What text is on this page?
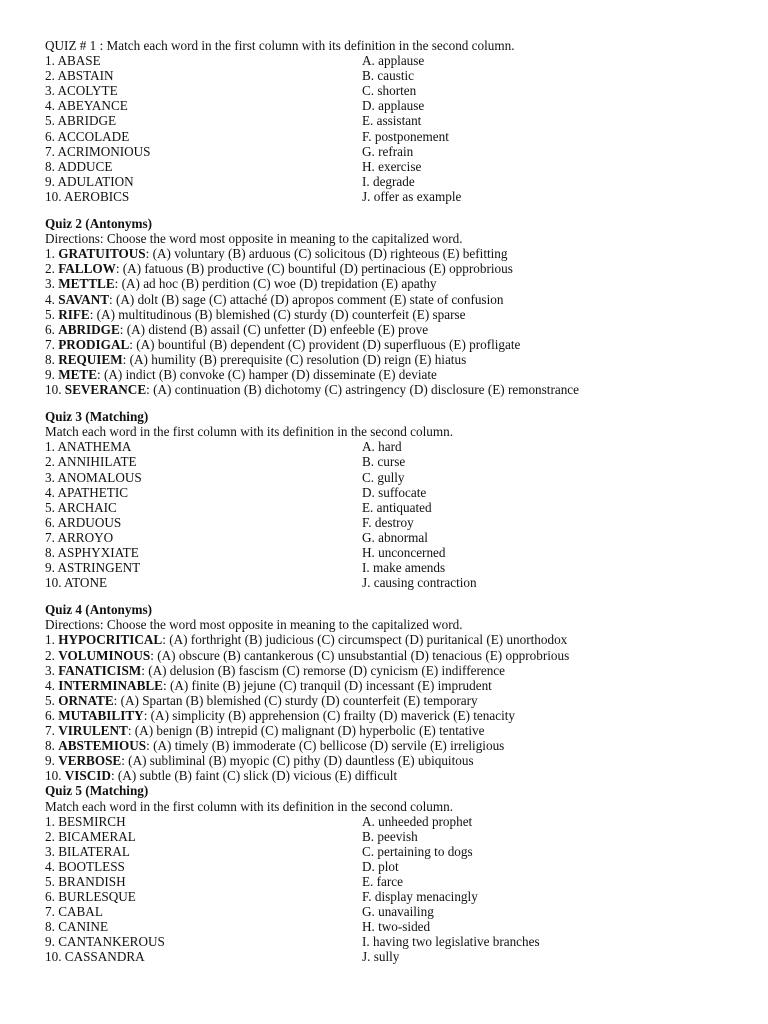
QUIZ # 1 : Match each word in the first column with its definition in the second column.
1. ABASE	A. applause
2. ABSTAIN	B. caustic
3. ACOLYTE	C. shorten
4. ABEYANCE	D. applause
5. ABRIDGE	E. assistant
6. ACCOLADE	F. postponement
7. ACRIMONIOUS	G. refrain
8. ADDUCE	H. exercise
9. ADULATION	I. degrade
10. AEROBICS	J. offer as example
Quiz 2 (Antonyms)
Directions: Choose the word most opposite in meaning to the capitalized word.
1. GRATUITOUS: (A) voluntary (B) arduous (C) solicitous (D) righteous (E) befitting
2. FALLOW: (A) fatuous (B) productive (C) bountiful (D) pertinacious (E) opprobrious
3. METTLE: (A) ad hoc (B) perdition (C) woe (D) trepidation (E) apathy
4. SAVANT: (A) dolt (B) sage (C) attaché (D) apropos comment (E) state of confusion
5. RIFE: (A) multitudinous (B) blemished (C) sturdy (D) counterfeit (E) sparse
6. ABRIDGE: (A) distend (B) assail (C) unfetter (D) enfeeble (E) prove
7. PRODIGAL: (A) bountiful (B) dependent (C) provident (D) superfluous (E) profligate
8. REQUIEM: (A) humility (B) prerequisite (C) resolution (D) reign (E) hiatus
9. METE: (A) indict (B) convoke (C) hamper (D) disseminate (E) deviate
10. SEVERANCE: (A) continuation (B) dichotomy (C) astringency (D) disclosure (E) remonstrance
Quiz 3 (Matching)
Match each word in the first column with its definition in the second column.
1. ANATHEMA	A. hard
2. ANNIHILATE	B. curse
3. ANOMALOUS	C. gully
4. APATHETIC	D. suffocate
5. ARCHAIC	E. antiquated
6. ARDUOUS	F. destroy
7. ARROYO	G. abnormal
8. ASPHYXIATE	H. unconcerned
9. ASTRINGENT	I. make amends
10. ATONE	J. causing contraction
Quiz 4 (Antonyms)
Directions: Choose the word most opposite in meaning to the capitalized word.
1. HYPOCRITICAL: (A) forthright (B) judicious (C) circumspect (D) puritanical (E) unorthodox
2. VOLUMINOUS: (A) obscure (B) cantankerous (C) unsubstantial (D) tenacious (E) opprobrious
3. FANATICISM: (A) delusion (B) fascism (C) remorse (D) cynicism (E) indifference
4. INTERMINABLE: (A) finite (B) jejune (C) tranquil (D) incessant (E) imprudent
5. ORNATE: (A) Spartan (B) blemished (C) sturdy (D) counterfeit (E) temporary
6. MUTABILITY: (A) simplicity (B) apprehension (C) frailty (D) maverick (E) tenacity
7. VIRULENT: (A) benign (B) intrepid (C) malignant (D) hyperbolic (E) tentative
8. ABSTEMIOUS: (A) timely (B) immoderate (C) bellicose (D) servile (E) irreligious
9. VERBOSE: (A) subliminal (B) myopic (C) pithy (D) dauntless (E) ubiquitous
10. VISCID: (A) subtle (B) faint (C) slick (D) vicious (E) difficult
Quiz 5 (Matching)
Match each word in the first column with its definition in the second column.
1. BESMIRCH	A. unheeded prophet
2. BICAMERAL	B. peevish
3. BILATERAL	C. pertaining to dogs
4. BOOTLESS	D. plot
5. BRANDISH	E. farce
6. BURLESQUE	F. display menacingly
7. CABAL	G. unavailing
8. CANINE	H. two-sided
9. CANTANKEROUS	I. having two legislative branches
10. CASSANDRA	J. sully
